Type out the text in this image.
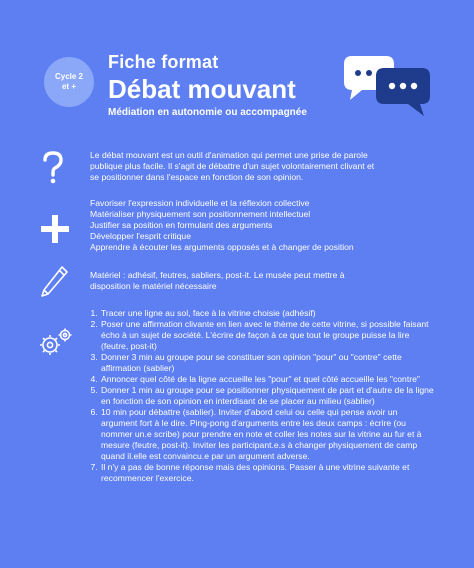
Cycle 2
et +
Fiche format
Débat mouvant
Médiation en autonomie ou accompagnée
Le débat mouvant est un outil d'animation qui permet une prise de parole
publique plus facile. Il s'agit de débattre d'un sujet volontairement clivant et
se positionner dans l'espace en fonction de son opinion.
Favoriser l'expression individuelle et la réflexion collective
Matérialiser physiquement son positionnement intellectuel
Justifier sa position en formulant des arguments
Développer l'esprit critique
Apprendre à écouter les arguments opposés et à changer de position
Matériel : adhésif, feutres, sabliers, post-it. Le musée peut mettre à
disposition le matériel nécessaire
1. Tracer une ligne au sol, face à la vitrine choisie (adhésif)
2. Poser une affirmation clivante en lien avec le thème de cette vitrine, si possible faisant écho à un sujet de société. L'écrire de façon à ce que tout le groupe puisse la lire (feutre, post-it)
3. Donner 3 min au groupe pour se constituer son opinion "pour" ou "contre" cette affirmation (sablier)
4. Annoncer quel côté de la ligne accueille les "pour" et quel côté accueille les "contre"
5. Donner 1 min au groupe pour se positionner physiquement de part et d'autre de la ligne en fonction de son opinion en interdisant de se placer au milieu (sablier)
6. 10 min pour débattre (sablier). Inviter d'abord celui ou celle qui pense avoir un argument fort à le dire. Ping-pong d'arguments entre les deux camps : écrire (ou nommer un.e scribe) pour prendre en note et coller les notes sur la vitrine au fur et à mesure (feutre, post-it). Inviter les participant.e.s à changer physiquement de camp quand il.elle est convaincu.e par un argument adverse.
7. Il n'y a pas de bonne réponse mais des opinions. Passer à une vitrine suivante et recommencer l'exercice.
